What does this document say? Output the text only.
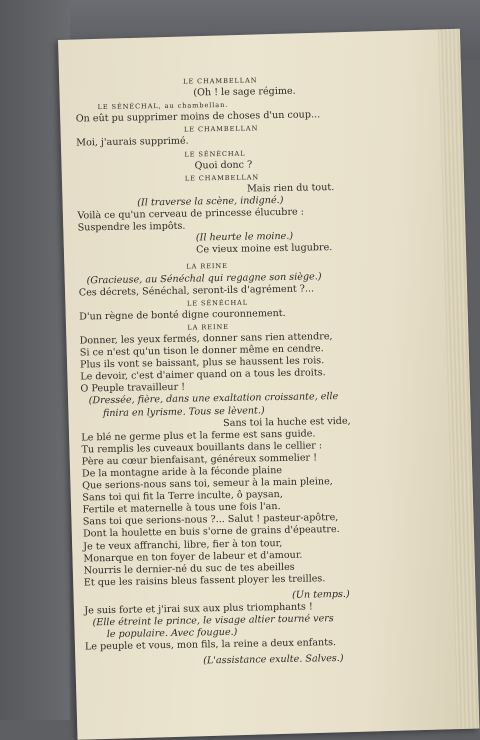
LE CHAMBELLAN
(Oh ! le sage régime.
LE SÉNÉCHAL, au chambellan.
On eût pu supprimer moins de choses d'un coup...
LE CHAMBELLAN
Moi, j'aurais supprimé.
LE SÉNÉCHAL
Quoi donc ?
LE CHAMBELLAN
Mais rien du tout.
(Il traverse la scène, indigné.)
Voilà ce qu'un cerveau de princesse élucubre :
Suspendre les impôts.
(Il heurte le moine.)
Ce vieux moine est lugubre.
LA REINE
(Gracieuse, au Sénéchal qui regagne son siège.)
Ces décrets, Sénéchal, seront-ils d'agrément ?...
LE SÉNÉCHAL
D'un règne de bonté digne couronnement.
LA REINE
Donner, les yeux fermés, donner sans rien attendre,
Si ce n'est qu'un tison le donner même en cendre.
Plus ils vont se baissant, plus se haussent les rois.
Le devoir, c'est d'aimer quand on a tous les droits.
O Peuple travailleur !
(Dressée, fière, dans une exaltation croissante, elle
finira en lyrisme. Tous se lèvent.)
Sans toi la huche est vide,
Le blé ne germe plus et la ferme est sans guide.
Tu remplis les cuveaux bouillants dans le cellier :
Père au cœur bienfaisant, généreux sommelier !
De la montagne aride à la féconde plaine
Que serions-nous sans toi, semeur à la main pleine,
Sans toi qui fit la Terre inculte, ô paysan,
Fertile et maternelle à tous une fois l'an.
Sans toi que serions-nous ?... Salut ! pasteur-apôtre,
Dont la houlette en buis s'orne de grains d'épeautre.
Je te veux affranchi, libre, fier à ton tour,
Monarque en ton foyer de labeur et d'amour.
Nourris le dernier-né du suc de tes abeilles
Et que les raisins bleus fassent ployer les treilles.
(Un temps.)
Je suis forte et j'irai sux aux plus triomphants !
(Elle étreint le prince, le visage altier tourné vers
le populaire. Avec fougue.)
Le peuple et vous, mon fils, la reine a deux enfants.
(L'assistance exulte. Salves.)
